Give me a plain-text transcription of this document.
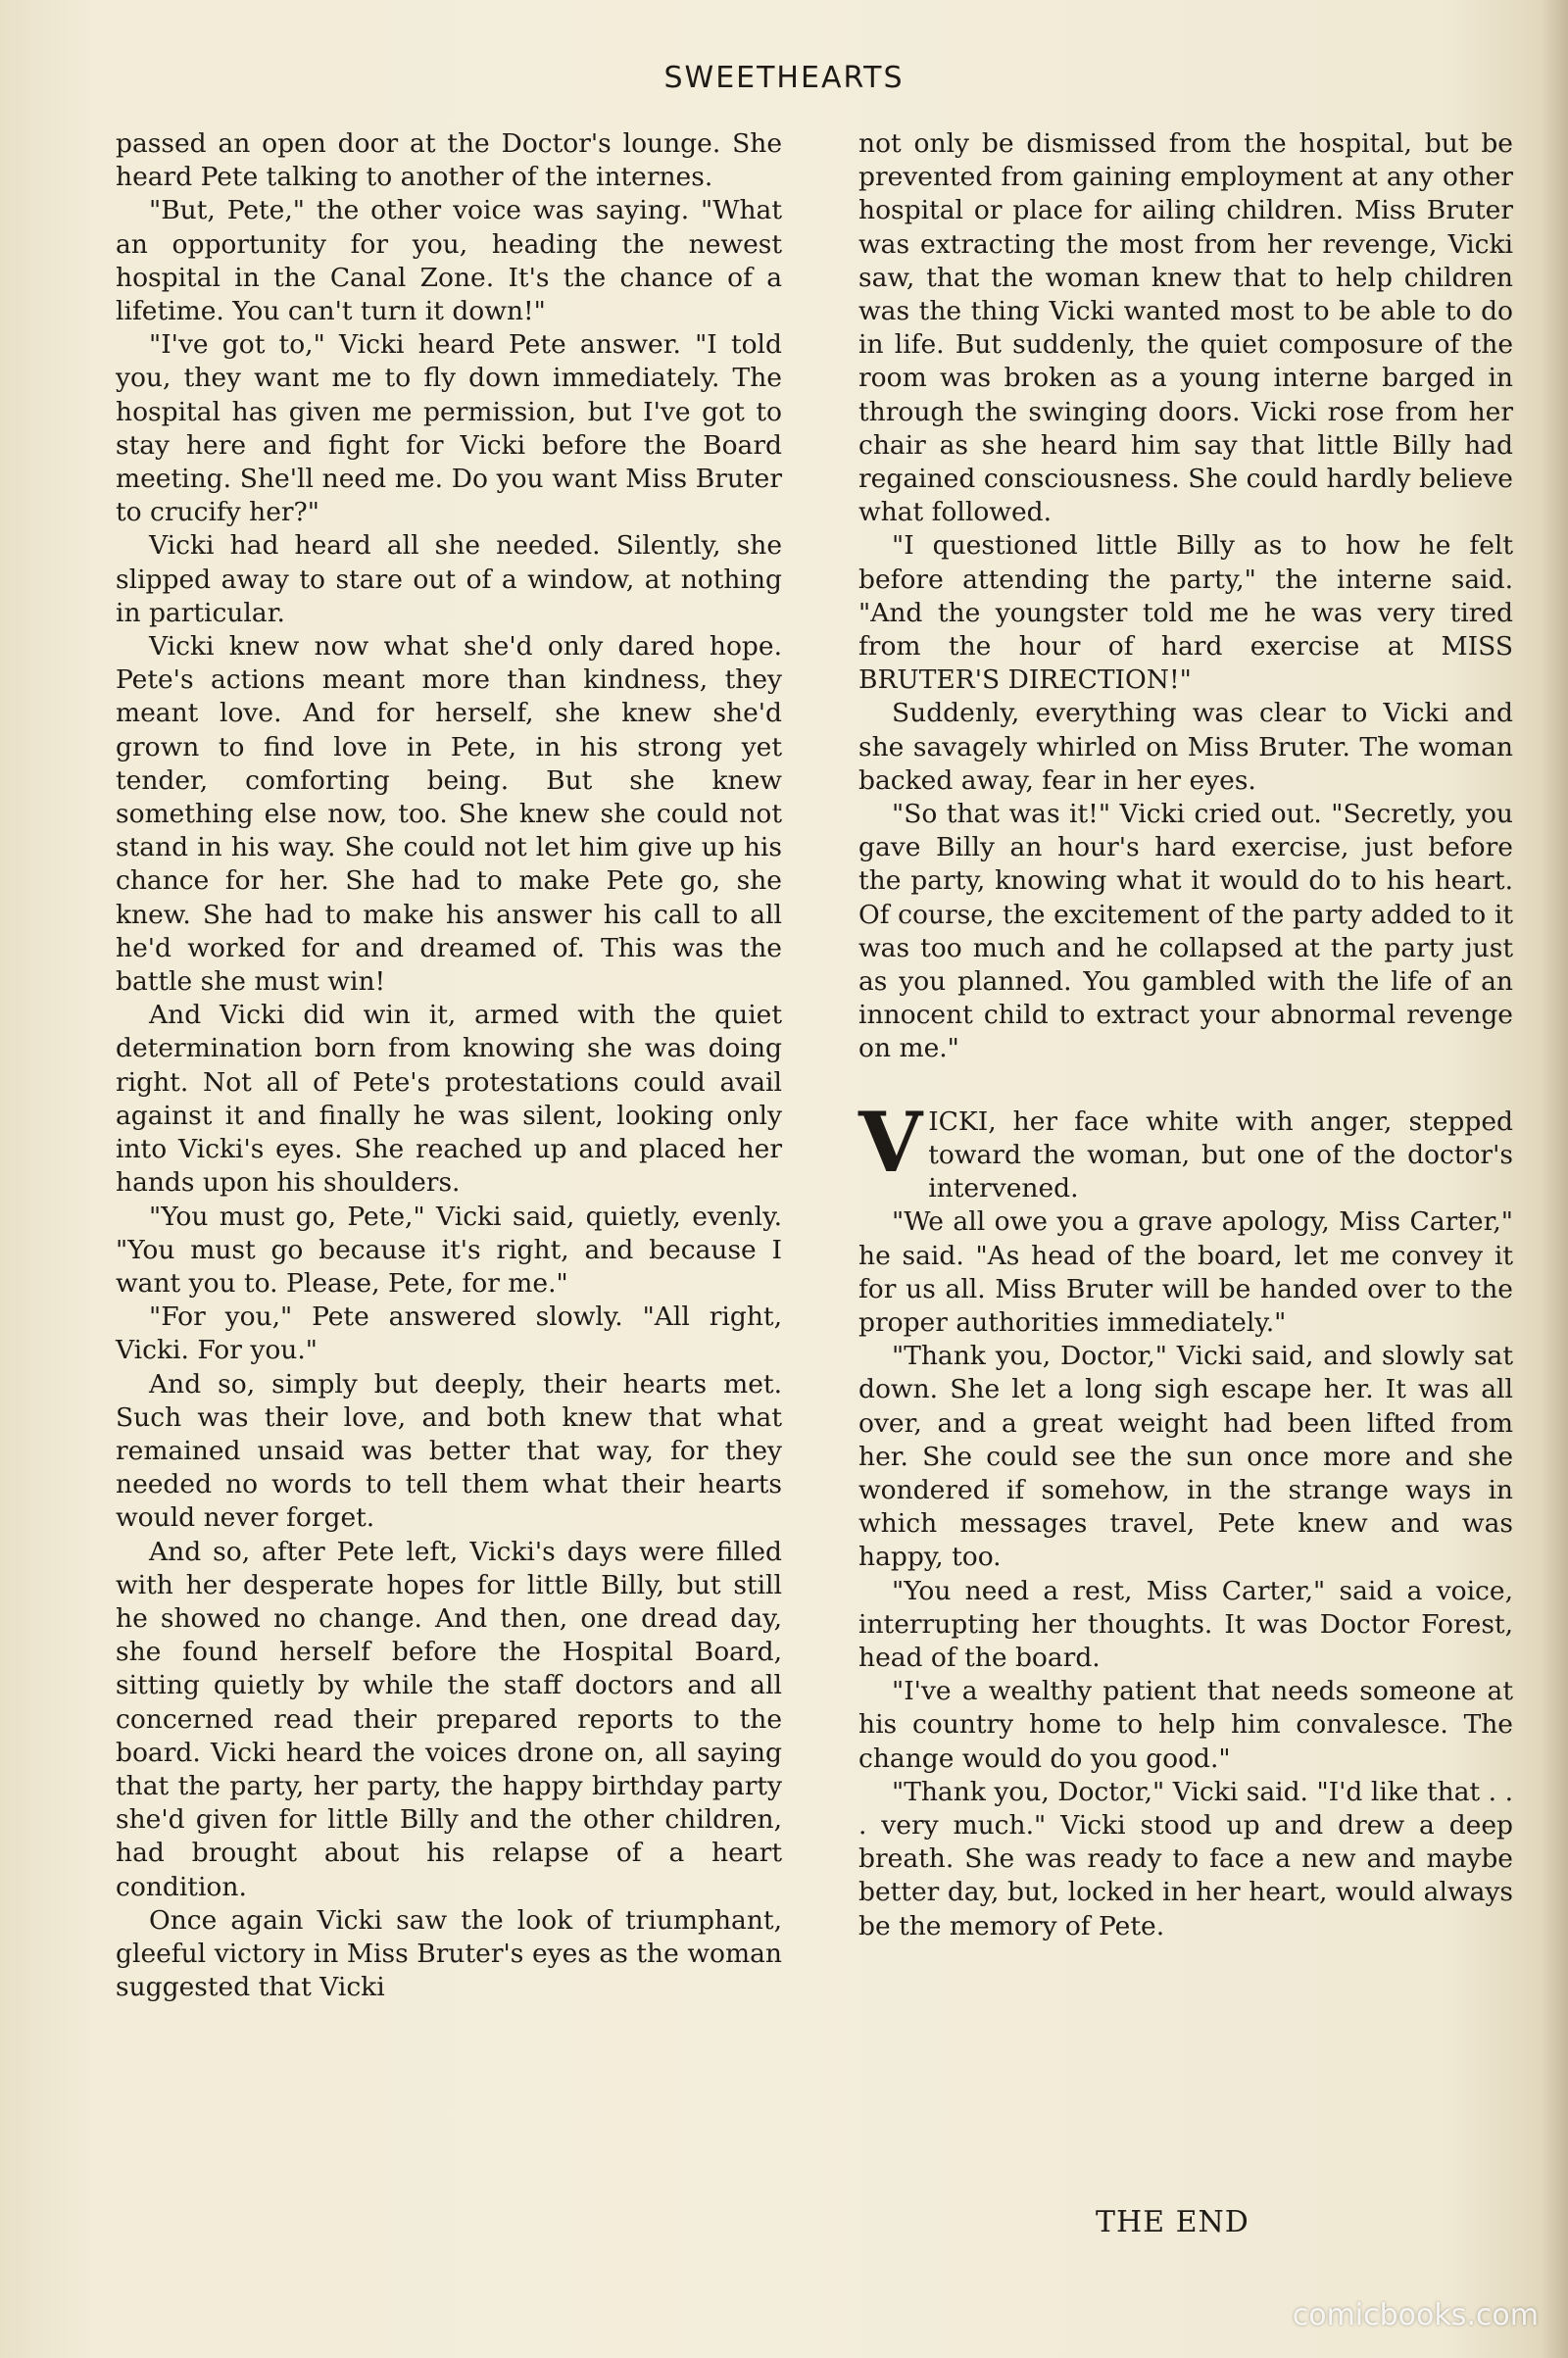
SWEETHEARTS

passed an open door at the Doctor's lounge. She heard Pete talking to another of the internes.

"But, Pete," the other voice was saying. "What an opportunity for you, heading the newest hospital in the Canal Zone. It's the chance of a lifetime. You can't turn it down!"

"I've got to," Vicki heard Pete answer. "I told you, they want me to fly down immediately. The hospital has given me permission, but I've got to stay here and fight for Vicki before the Board meeting. She'll need me. Do you want Miss Bruter to crucify her?"

Vicki had heard all she needed. Silently, she slipped away to stare out of a window, at nothing in particular.

Vicki knew now what she'd only dared hope. Pete's actions meant more than kindness, they meant love. And for herself, she knew she'd grown to find love in Pete, in his strong yet tender, comforting being. But she knew something else now, too. She knew she could not stand in his way. She could not let him give up his chance for her. She had to make Pete go, she knew. She had to make his answer his call to all he'd worked for and dreamed of. This was the battle she must win!

And Vicki did win it, armed with the quiet determination born from knowing she was doing right. Not all of Pete's protestations could avail against it and finally he was silent, looking only into Vicki's eyes. She reached up and placed her hands upon his shoulders.

"You must go, Pete," Vicki said, quietly, evenly. "You must go because it's right, and because I want you to. Please, Pete, for me."

"For you," Pete answered slowly. "All right, Vicki. For you."

And so, simply but deeply, their hearts met. Such was their love, and both knew that what remained unsaid was better that way, for they needed no words to tell them what their hearts would never forget.

And so, after Pete left, Vicki's days were filled with her desperate hopes for little Billy, but still he showed no change. And then, one dread day, she found herself before the Hospital Board, sitting quietly by while the staff doctors and all concerned read their prepared reports to the board. Vicki heard the voices drone on, all saying that the party, her party, the happy birthday party she'd given for little Billy and the other children, had brought about his relapse of a heart condition.

Once again Vicki saw the look of triumphant, gleeful victory in Miss Bruter's eyes as the woman suggested that Vicki

not only be dismissed from the hospital, but be prevented from gaining employment at any other hospital or place for ailing children. Miss Bruter was extracting the most from her revenge, Vicki saw, that the woman knew that to help children was the thing Vicki wanted most to be able to do in life. But suddenly, the quiet composure of the room was broken as a young interne barged in through the swinging doors. Vicki rose from her chair as she heard him say that little Billy had regained consciousness. She could hardly believe what followed.

"I questioned little Billy as to how he felt before attending the party," the interne said. "And the youngster told me he was very tired from the hour of hard exercise at MISS BRUTER'S DIRECTION!"

Suddenly, everything was clear to Vicki and she savagely whirled on Miss Bruter. The woman backed away, fear in her eyes.

"So that was it!" Vicki cried out. "Secretly, you gave Billy an hour's hard exercise, just before the party, knowing what it would do to his heart. Of course, the excitement of the party added to it was too much and he collapsed at the party just as you planned. You gambled with the life of an innocent child to extract your abnormal revenge on me."

VICKI, her face white with anger, stepped toward the woman, but one of the doctor's intervened.

"We all owe you a grave apology, Miss Carter," he said. "As head of the board, let me convey it for us all. Miss Bruter will be handed over to the proper authorities immediately."

"Thank you, Doctor," Vicki said, and slowly sat down. She let a long sigh escape her. It was all over, and a great weight had been lifted from her. She could see the sun once more and she wondered if somehow, in the strange ways in which messages travel, Pete knew and was happy, too.

"You need a rest, Miss Carter," said a voice, interrupting her thoughts. It was Doctor Forest, head of the board.

"I've a wealthy patient that needs someone at his country home to help him convalesce. The change would do you good."

"Thank you, Doctor," Vicki said. "I'd like that . . . very much." Vicki stood up and drew a deep breath. She was ready to face a new and maybe better day, but, locked in her heart, would always be the memory of Pete.

THE END
comicbooks.com
